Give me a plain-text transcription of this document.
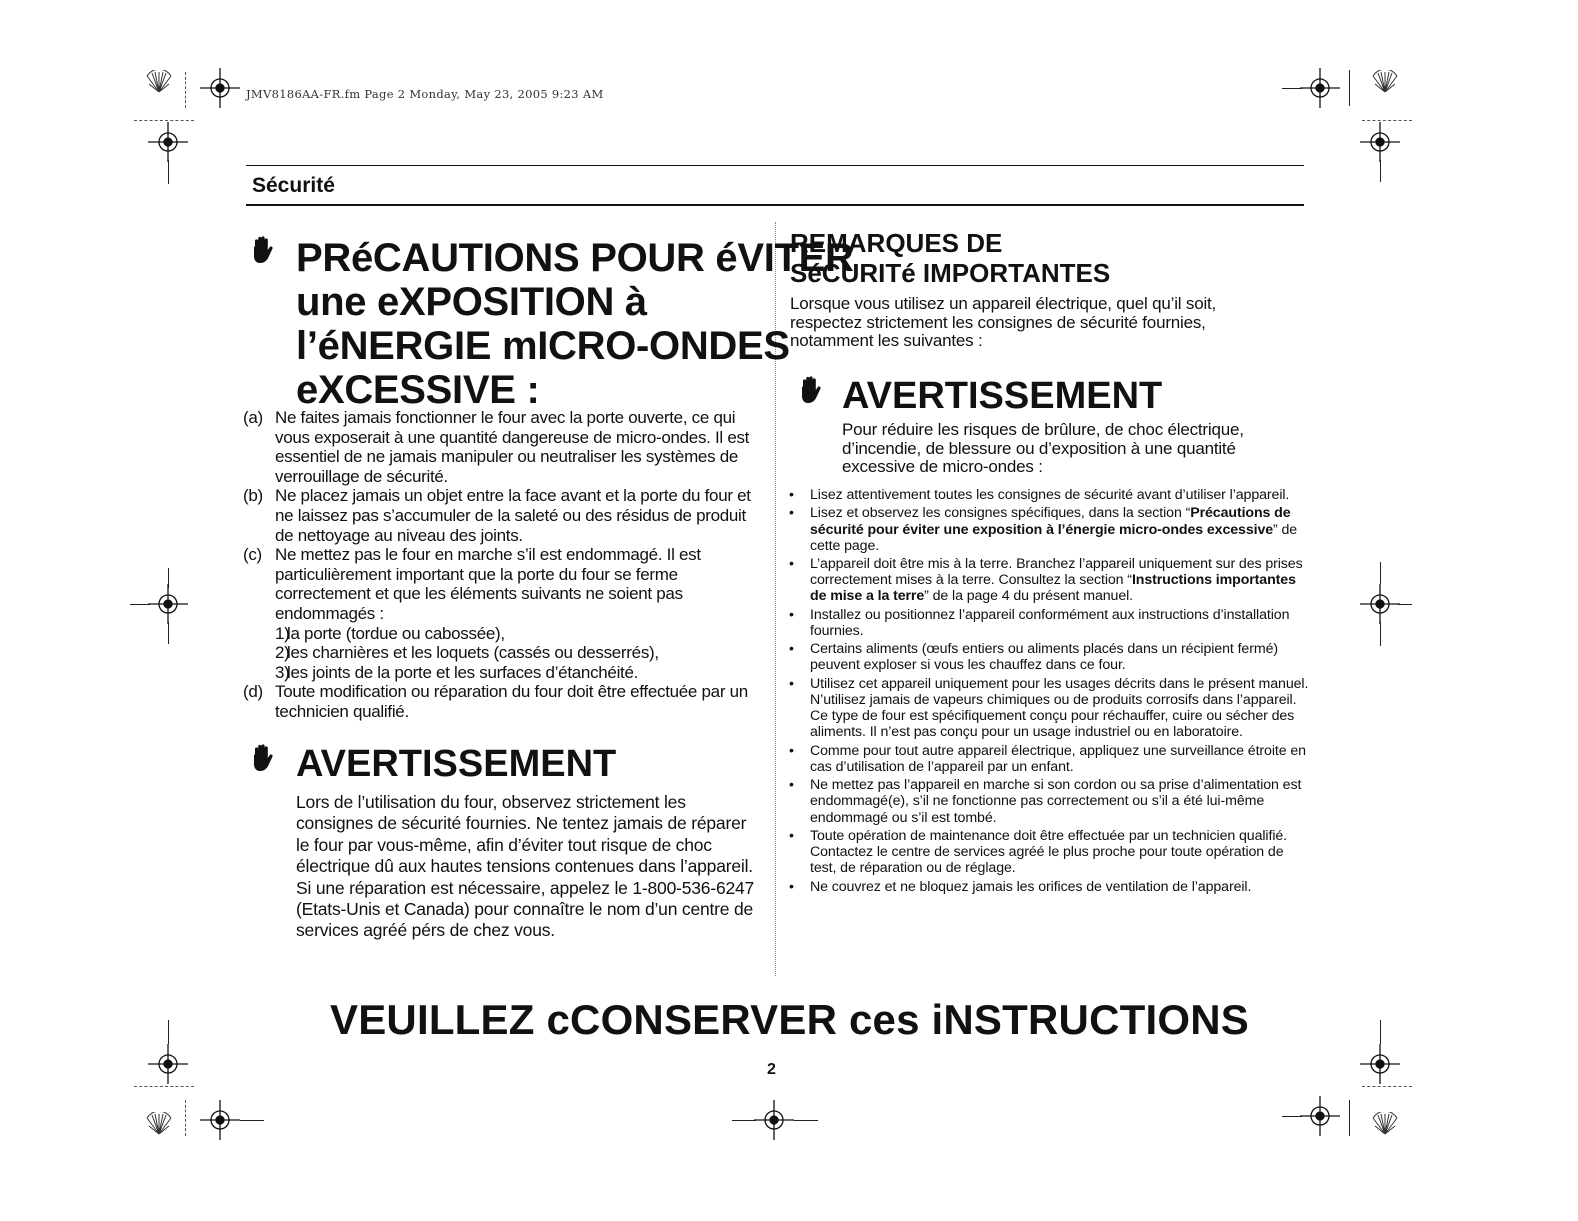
JMV8186AA-FR.fm Page 2 Monday, May 23, 2005 9:23 AM
Sécurité
PRéCAUTIONS POUR éVITER
une eXPOSITION à
l’éNERGIE mICRO-ONDES
eXCESSIVE :
(a) Ne faites jamais fonctionner le four avec la porte ouverte, ce qui vous exposerait à une quantité dangereuse de micro-ondes. Il est essentiel de ne jamais manipuler ou neutraliser les systèmes de verrouillage de sécurité.
(b) Ne placez jamais un objet entre la face avant et la porte du four et ne laissez pas s’accumuler de la saleté ou des résidus de produit de nettoyage au niveau des joints.
(c) Ne mettez pas le four en marche s’il est endommagé. Il est particulièrement important que la porte du four se ferme correctement et que les éléments suivants ne soient pas endommagés :
1)
la porte (tordue ou cabossée),
2)
les charnières et les loquets (cassés ou desserrés),
3)
les joints de la porte et les surfaces d’étanchéité.
(d) Toute modification ou réparation du four doit être effectuée par un technicien qualifié.
AVERTISSEMENT
Lors de l’utilisation du four, observez strictement les consignes de sécurité fournies. Ne tentez jamais de réparer le four par vous-même, afin d’éviter tout risque de choc électrique dû aux hautes tensions contenues dans l’appareil. Si une réparation est nécessaire, appelez le 1-800-536-6247 (Etats-Unis et Canada) pour connaître le nom d’un centre de services agréé pérs de chez vous.
REMARQUES DE
SéCURITé IMPORTANTES
Lorsque vous utilisez un appareil électrique, quel qu’il soit, respectez strictement les consignes de sécurité fournies, notamment les suivantes :
AVERTISSEMENT
Pour réduire les risques de brûlure, de choc électrique, d’incendie, de blessure ou d’exposition à une quantité excessive de micro-ondes :
•	Lisez attentivement toutes les consignes de sécurité avant d’utiliser l’appareil.
•	Lisez et observez les consignes spécifiques, dans la section “Précautions de sécurité pour éviter une exposition à l’énergie micro-ondes excessive” de cette page.
•	L’appareil doit être mis à la terre. Branchez l’appareil uniquement sur des prises correctement mises à la terre. Consultez la section “Instructions importantes de mise a la terre” de la page 4 du présent manuel.
•	Installez ou positionnez l’appareil conformément aux instructions d’installation fournies.
•	Certains aliments (œufs entiers ou aliments placés dans un récipient fermé) peuvent exploser si vous les chauffez dans ce four.
•	Utilisez cet appareil uniquement pour les usages décrits dans le présent manuel. N’utilisez jamais de vapeurs chimiques ou de produits corrosifs dans l’appareil. Ce type de four est spécifiquement conçu pour réchauffer, cuire ou sécher des aliments. Il n’est pas conçu pour un usage industriel ou en laboratoire.
•	Comme pour tout autre appareil électrique, appliquez une surveillance étroite en cas d’utilisation de l’appareil par un enfant.
•	Ne mettez pas l’appareil en marche si son cordon ou sa prise d’alimentation est endommagé(e), s’il ne fonctionne pas correctement ou s’il a été lui-même endommagé ou s’il est tombé.
•	Toute opération de maintenance doit être effectuée par un technicien qualifié. Contactez le centre de services agréé le plus proche pour toute opération de test, de réparation ou de réglage.
•	Ne couvrez et ne bloquez jamais les orifices de ventilation de l’appareil.
VEUILLEZ cCONSERVER ces iNSTRUCTIONS
2
